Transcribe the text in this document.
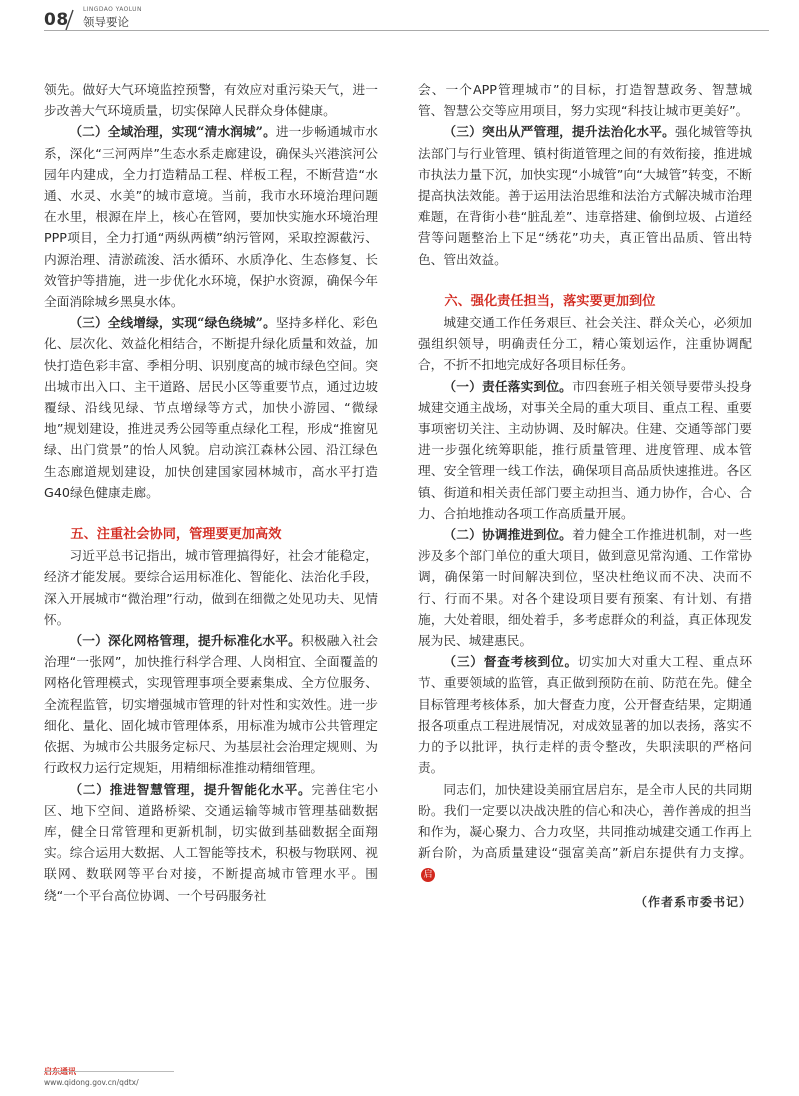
08
LINGDAO YAOLUN
领导要论

领先。做好大气环境监控预警，有效应对重污染天气，进一步改善大气环境质量，切实保障人民群众身体健康。

（二）全域治理，实现“清水润城”。进一步畅通城市水系，深化“三河两岸”生态水系走廊建设，确保头兴港滨河公园年内建成，全力打造精品工程、样板工程，不断营造“水通、水灵、水美”的城市意境。当前，我市水环境治理问题在水里，根源在岸上，核心在管网，要加快实施水环境治理PPP项目，全力打通“两纵两横”纳污管网，采取控源截污、内源治理、清淤疏浚、活水循环、水质净化、生态修复、长效管护等措施，进一步优化水环境，保护水资源，确保今年全面消除城乡黑臭水体。

（三）全线增绿，实现“绿色绕城”。坚持多样化、彩色化、层次化、效益化相结合，不断提升绿化质量和效益，加快打造色彩丰富、季相分明、识别度高的城市绿色空间。突出城市出入口、主干道路、居民小区等重要节点，通过边坡覆绿、沿线见绿、节点增绿等方式，加快小游园、“微绿地”规划建设，推进灵秀公园等重点绿化工程，形成“推窗见绿、出门赏景”的怡人风貌。启动滨江森林公园、沿江绿色生态廊道规划建设，加快创建国家园林城市，高水平打造G40绿色健康走廊。

五、注重社会协同，管理要更加高效

习近平总书记指出，城市管理搞得好，社会才能稳定，经济才能发展。要综合运用标准化、智能化、法治化手段，深入开展城市“微治理”行动，做到在细微之处见功夫、见情怀。

（一）深化网格管理，提升标准化水平。积极融入社会治理“一张网”，加快推行科学合理、人岗相宜、全面覆盖的网格化管理模式，实现管理事项全要素集成、全方位服务、全流程监管，切实增强城市管理的针对性和实效性。进一步细化、量化、固化城市管理体系，用标准为城市公共管理定依据、为城市公共服务定标尺、为基层社会治理定规则、为行政权力运行定规矩，用精细标准推动精细管理。

（二）推进智慧管理，提升智能化水平。完善住宅小区、地下空间、道路桥梁、交通运输等城市管理基础数据库，健全日常管理和更新机制，切实做到基础数据全面翔实。综合运用大数据、人工智能等技术，积极与物联网、视联网、数联网等平台对接，不断提高城市管理水平。围绕“一个平台高位协调、一个号码服务社

会、一个APP管理城市”的目标，打造智慧政务、智慧城管、智慧公交等应用项目，努力实现“科技让城市更美好”。

（三）突出从严管理，提升法治化水平。强化城管等执法部门与行业管理、镇村街道管理之间的有效衔接，推进城市执法力量下沉，加快实现“小城管”向“大城管”转变，不断提高执法效能。善于运用法治思维和法治方式解决城市治理难题，在背街小巷“脏乱差”、违章搭建、偷倒垃圾、占道经营等问题整治上下足“绣花”功夫，真正管出品质、管出特色、管出效益。

六、强化责任担当，落实要更加到位

城建交通工作任务艰巨、社会关注、群众关心，必须加强组织领导，明确责任分工，精心策划运作，注重协调配合，不折不扣地完成好各项目标任务。

（一）责任落实到位。市四套班子相关领导要带头投身城建交通主战场，对事关全局的重大项目、重点工程、重要事项密切关注、主动协调、及时解决。住建、交通等部门要进一步强化统筹职能，推行质量管理、进度管理、成本管理、安全管理一线工作法，确保项目高品质快速推进。各区镇、街道和相关责任部门要主动担当、通力协作，合心、合力、合拍地推动各项工作高质量开展。

（二）协调推进到位。着力健全工作推进机制，对一些涉及多个部门单位的重大项目，做到意见常沟通、工作常协调，确保第一时间解决到位，坚决杜绝议而不决、决而不行、行而不果。对各个建设项目要有预案、有计划、有措施，大处着眼，细处着手，多考虑群众的利益，真正体现发展为民、城建惠民。

（三）督查考核到位。切实加大对重大工程、重点环节、重要领域的监管，真正做到预防在前、防范在先。健全目标管理考核体系，加大督查力度，公开督查结果，定期通报各项重点工程进展情况，对成效显著的加以表扬，落实不力的予以批评，执行走样的责令整改，失职渎职的严格问责。

同志们，加快建设美丽宜居启东，是全市人民的共同期盼。我们一定要以决战决胜的信心和决心，善作善成的担当和作为，凝心聚力、合力攻坚，共同推动城建交通工作再上新台阶，为高质量建设“强富美高”新启东提供有力支撑。启

（作者系市委书记）
www.qidong.gov.cn/qdtx/
